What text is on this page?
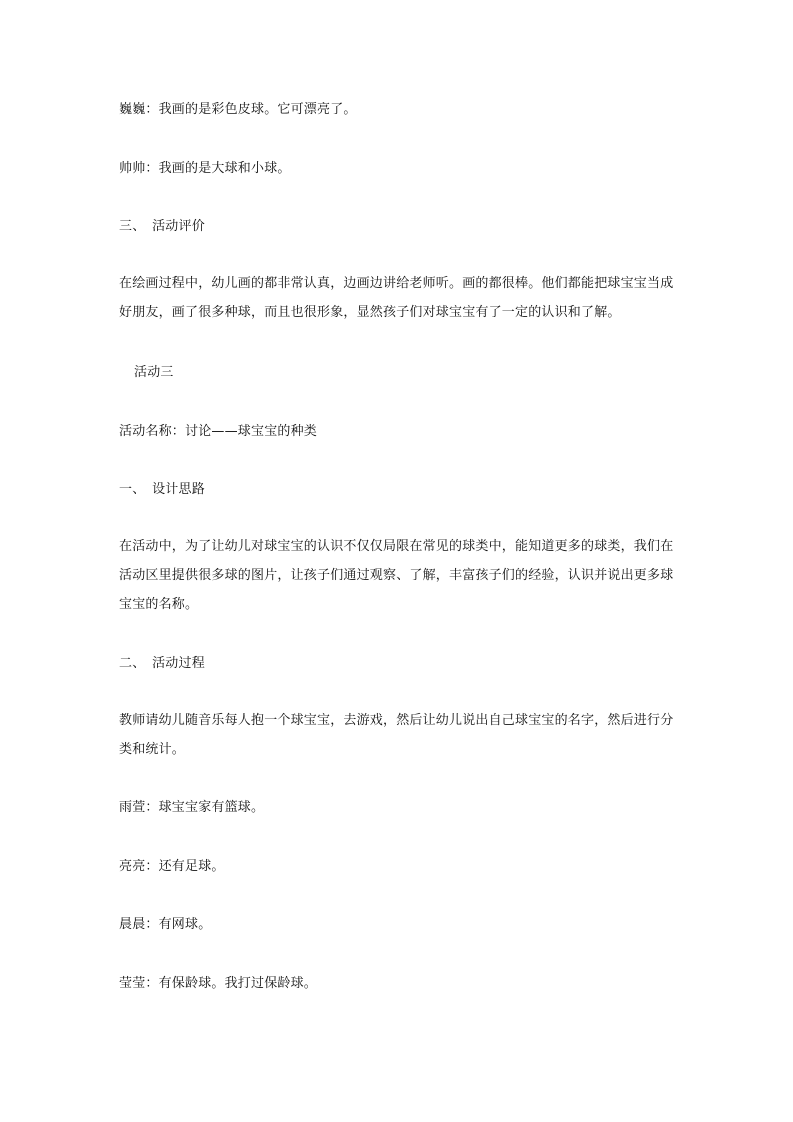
巍巍：我画的是彩色皮球。它可漂亮了。
帅帅：我画的是大球和小球。
三、　活动评价
在绘画过程中，幼儿画的都非常认真，边画边讲给老师听。画的都很棒。他们都能把球宝宝当成
好朋友，画了很多种球，而且也很形象，显然孩子们对球宝宝有了一定的认识和了解。
活动三
活动名称：讨论——球宝宝的种类
一、　设计思路
在活动中，为了让幼儿对球宝宝的认识不仅仅局限在常见的球类中，能知道更多的球类，我们在
活动区里提供很多球的图片，让孩子们通过观察、了解，丰富孩子们的经验，认识并说出更多球
宝宝的名称。
二、　活动过程
教师请幼儿随音乐每人抱一个球宝宝，去游戏，然后让幼儿说出自己球宝宝的名字，然后进行分
类和统计。
雨萱：球宝宝家有篮球。
亮亮：还有足球。
晨晨：有网球。
莹莹：有保龄球。我打过保龄球。
